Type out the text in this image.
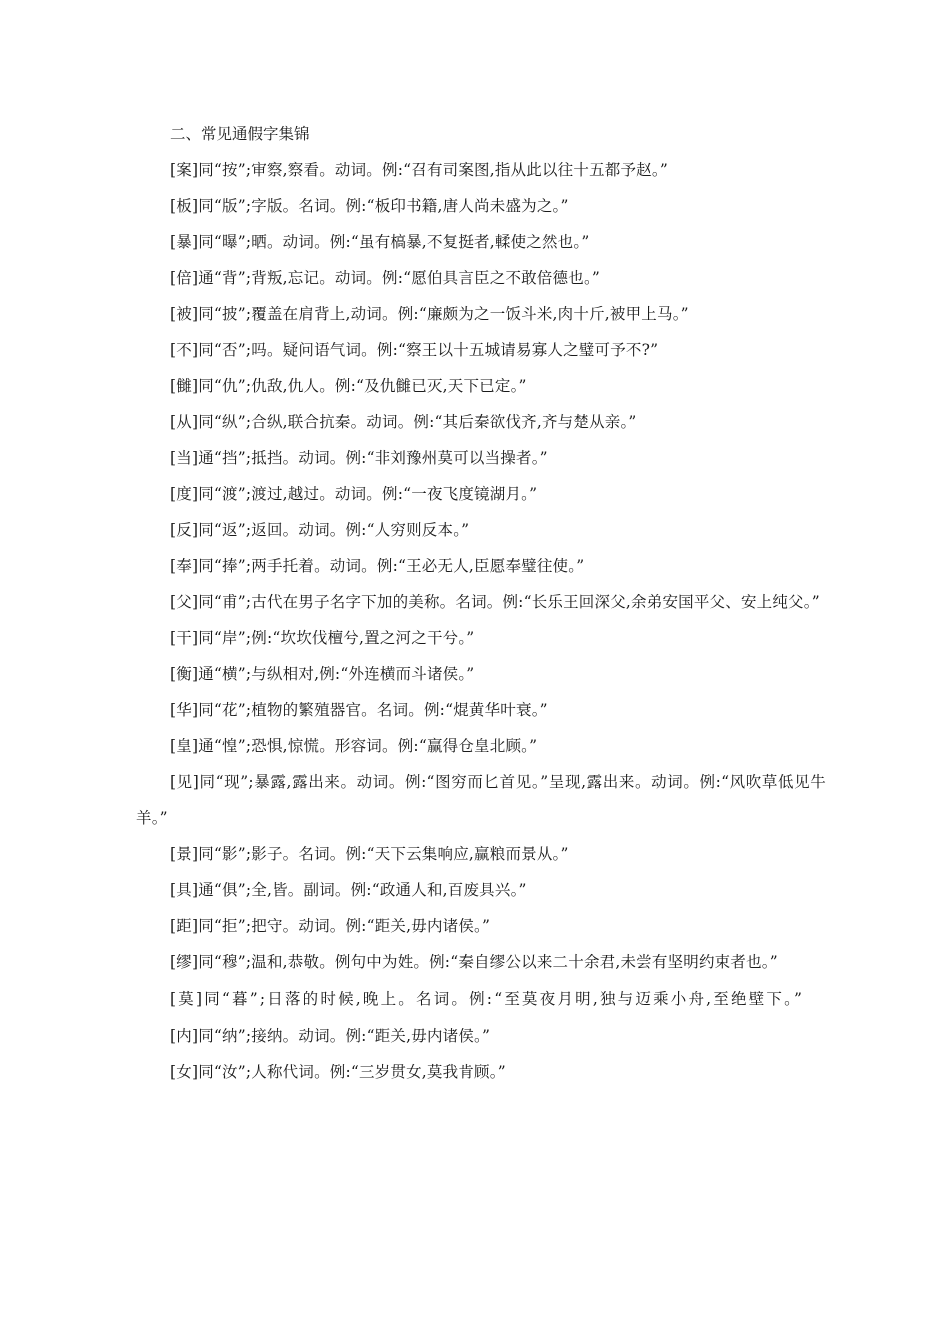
二、常见通假字集锦

[案]同“按”;审察,察看。动词。例:“召有司案图,指从此以往十五都予赵。”

[板]同“版”;字版。名词。例:“板印书籍,唐人尚未盛为之。”

[暴]同“曝”;晒。动词。例:“虽有槁暴,不复挺者,輮使之然也。”

[倍]通“背”;背叛,忘记。动词。例:“愿伯具言臣之不敢倍德也。”

[被]同“披”;覆盖在肩背上,动词。例:“廉颇为之一饭斗米,肉十斤,被甲上马。”

[不]同“否”;吗。疑问语气词。例:“察王以十五城请易寡人之璧可予不?”

[雠]同“仇”;仇敌,仇人。例:“及仇雠已灭,天下已定。”

[从]同“纵”;合纵,联合抗秦。动词。例:“其后秦欲伐齐,齐与楚从亲。”

[当]通“挡”;抵挡。动词。例:“非刘豫州莫可以当操者。”

[度]同“渡”;渡过,越过。动词。例:“一夜飞度镜湖月。”

[反]同“返”;返回。动词。例:“人穷则反本。”

[奉]同“捧”;两手托着。动词。例:“王必无人,臣愿奉璧往使。”

[父]同“甫”;古代在男子名字下加的美称。名词。例:“长乐王回深父,余弟安国平父、安上纯父。”

[干]同“岸”;例:“坎坎伐檀兮,置之河之干兮。”

[衡]通“横”;与纵相对,例:“外连横而斗诸侯。”

[华]同“花”;植物的繁殖器官。名词。例:“焜黄华叶衰。”

[皇]通“惶”;恐惧,惊慌。形容词。例:“赢得仓皇北顾。”

[见]同“现”;暴露,露出来。动词。例:“图穷而匕首见。”呈现,露出来。动词。例:“风吹草低见牛羊。”

[景]同“影”;影子。名词。例:“天下云集响应,赢粮而景从。”

[具]通“俱”;全,皆。副词。例:“政通人和,百废具兴。”

[距]同“拒”;把守。动词。例:“距关,毋内诸侯。”

[缪]同“穆”;温和,恭敬。例句中为姓。例:“秦自缪公以来二十余君,未尝有坚明约束者也。”

[莫]同“暮”;日落的时候,晚上。名词。例:“至莫夜月明,独与迈乘小舟,至绝壁下。”

[内]同“纳”;接纳。动词。例:“距关,毋内诸侯。”

[女]同“汝”;人称代词。例:“三岁贯女,莫我肯顾。”
